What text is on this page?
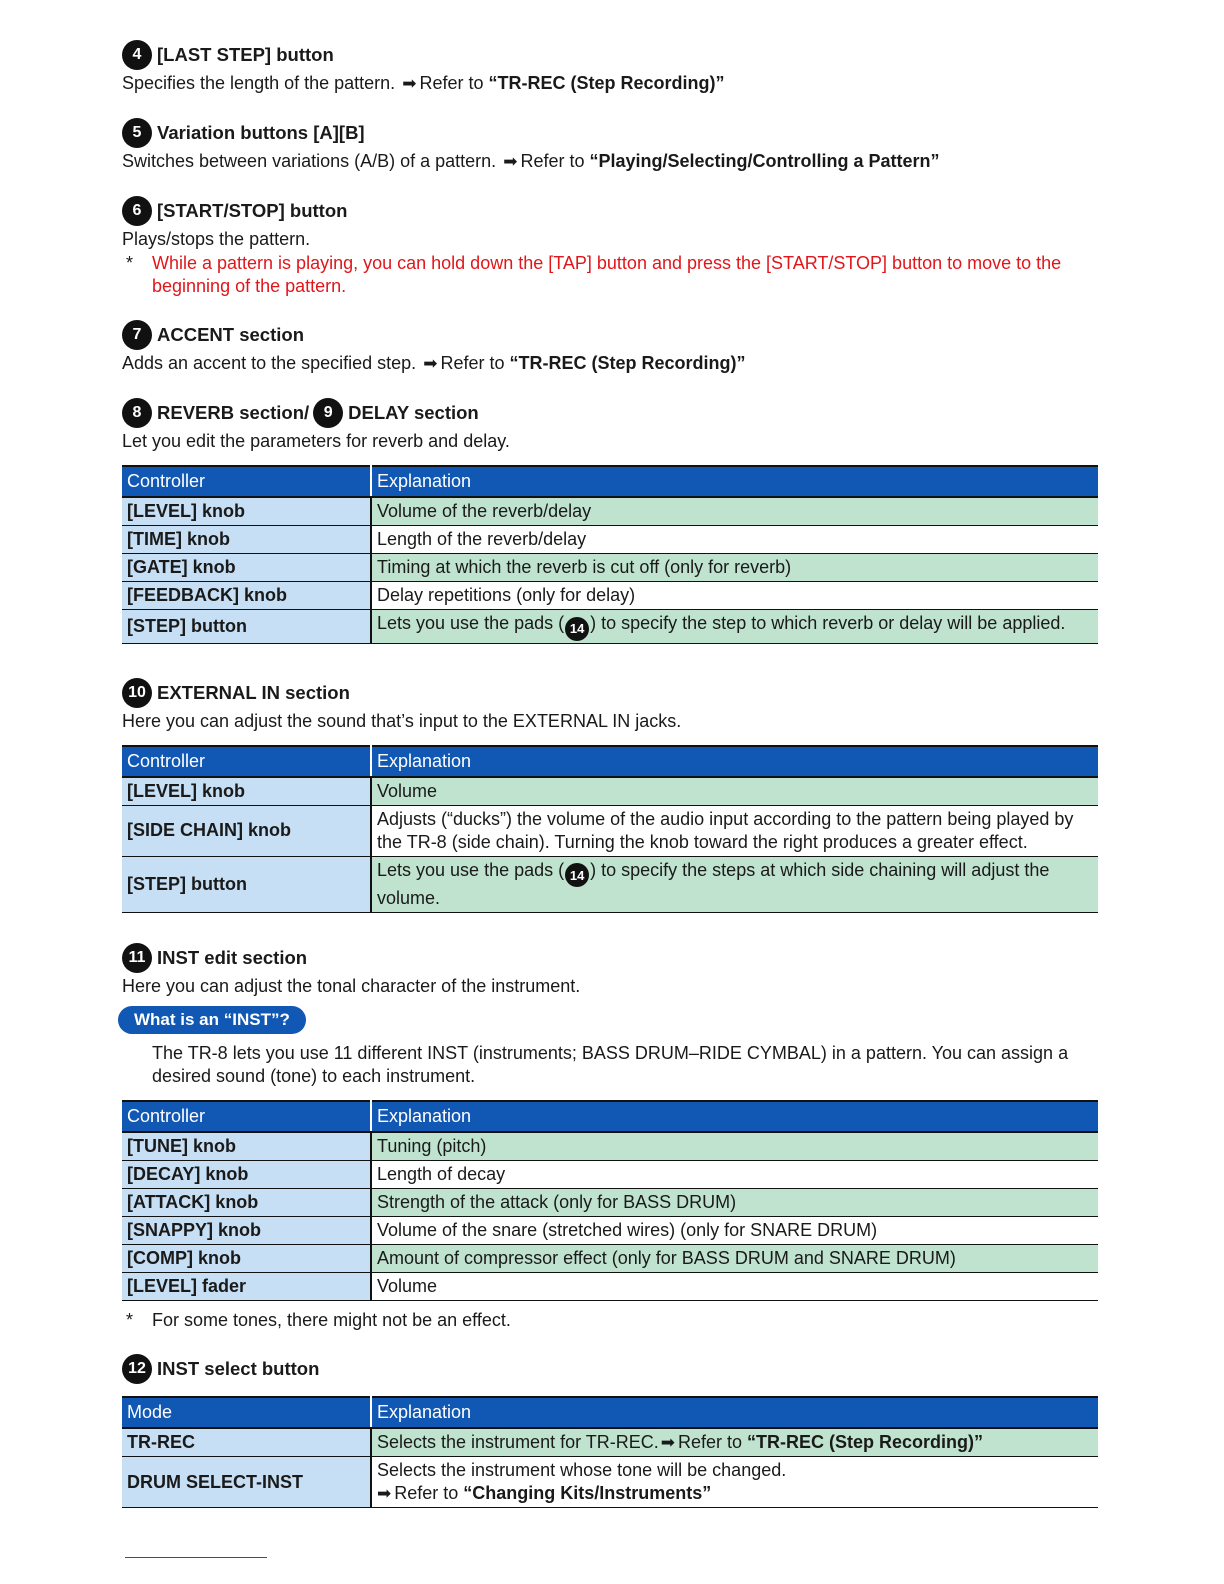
4 [LAST STEP] button
Specifies the length of the pattern. ➡ Refer to “TR-REC (Step Recording)”
5 Variation buttons [A][B]
Switches between variations (A/B) of a pattern. ➡ Refer to “Playing/Selecting/Controlling a Pattern”
6 [START/STOP] button
Plays/stops the pattern.
*	While a pattern is playing, you can hold down the [TAP] button and press the [START/STOP] button to move to the beginning of the pattern.
7 ACCENT section
Adds an accent to the specified step. ➡ Refer to “TR-REC (Step Recording)”
8 REVERB section/ 9 DELAY section
Let you edit the parameters for reverb and delay.
Controller	Explanation
[LEVEL] knob	Volume of the reverb/delay
[TIME] knob	Length of the reverb/delay
[GATE] knob	Timing at which the reverb is cut off (only for reverb)
[FEEDBACK] knob	Delay repetitions (only for delay)
[STEP] button	Lets you use the pads ( 14 ) to specify the step to which reverb or delay will be applied.
10 EXTERNAL IN section
Here you can adjust the sound that’s input to the EXTERNAL IN jacks.
Controller	Explanation
[LEVEL] knob	Volume
[SIDE CHAIN] knob	Adjusts (“ducks”) the volume of the audio input according to the pattern being played by the TR-8 (side chain). Turning the knob toward the right produces a greater effect.
[STEP] button	Lets you use the pads ( 14 ) to specify the steps at which side chaining will adjust the volume.
11 INST edit section
Here you can adjust the tonal character of the instrument.
What is an “INST”?
The TR-8 lets you use 11 different INST (instruments; BASS DRUM–RIDE CYMBAL) in a pattern. You can assign a desired sound (tone) to each instrument.
Controller	Explanation
[TUNE] knob	Tuning (pitch)
[DECAY] knob	Length of decay
[ATTACK] knob	Strength of the attack (only for BASS DRUM)
[SNAPPY] knob	Volume of the snare (stretched wires) (only for SNARE DRUM)
[COMP] knob	Amount of compressor effect (only for BASS DRUM and SNARE DRUM)
[LEVEL] fader	Volume
*	For some tones, there might not be an effect.
12 INST select button
Mode	Explanation
TR-REC	Selects the instrument for TR-REC. ➡ Refer to “TR-REC (Step Recording)”
DRUM SELECT-INST	Selects the instrument whose tone will be changed.
➡ Refer to “Changing Kits/Instruments”
